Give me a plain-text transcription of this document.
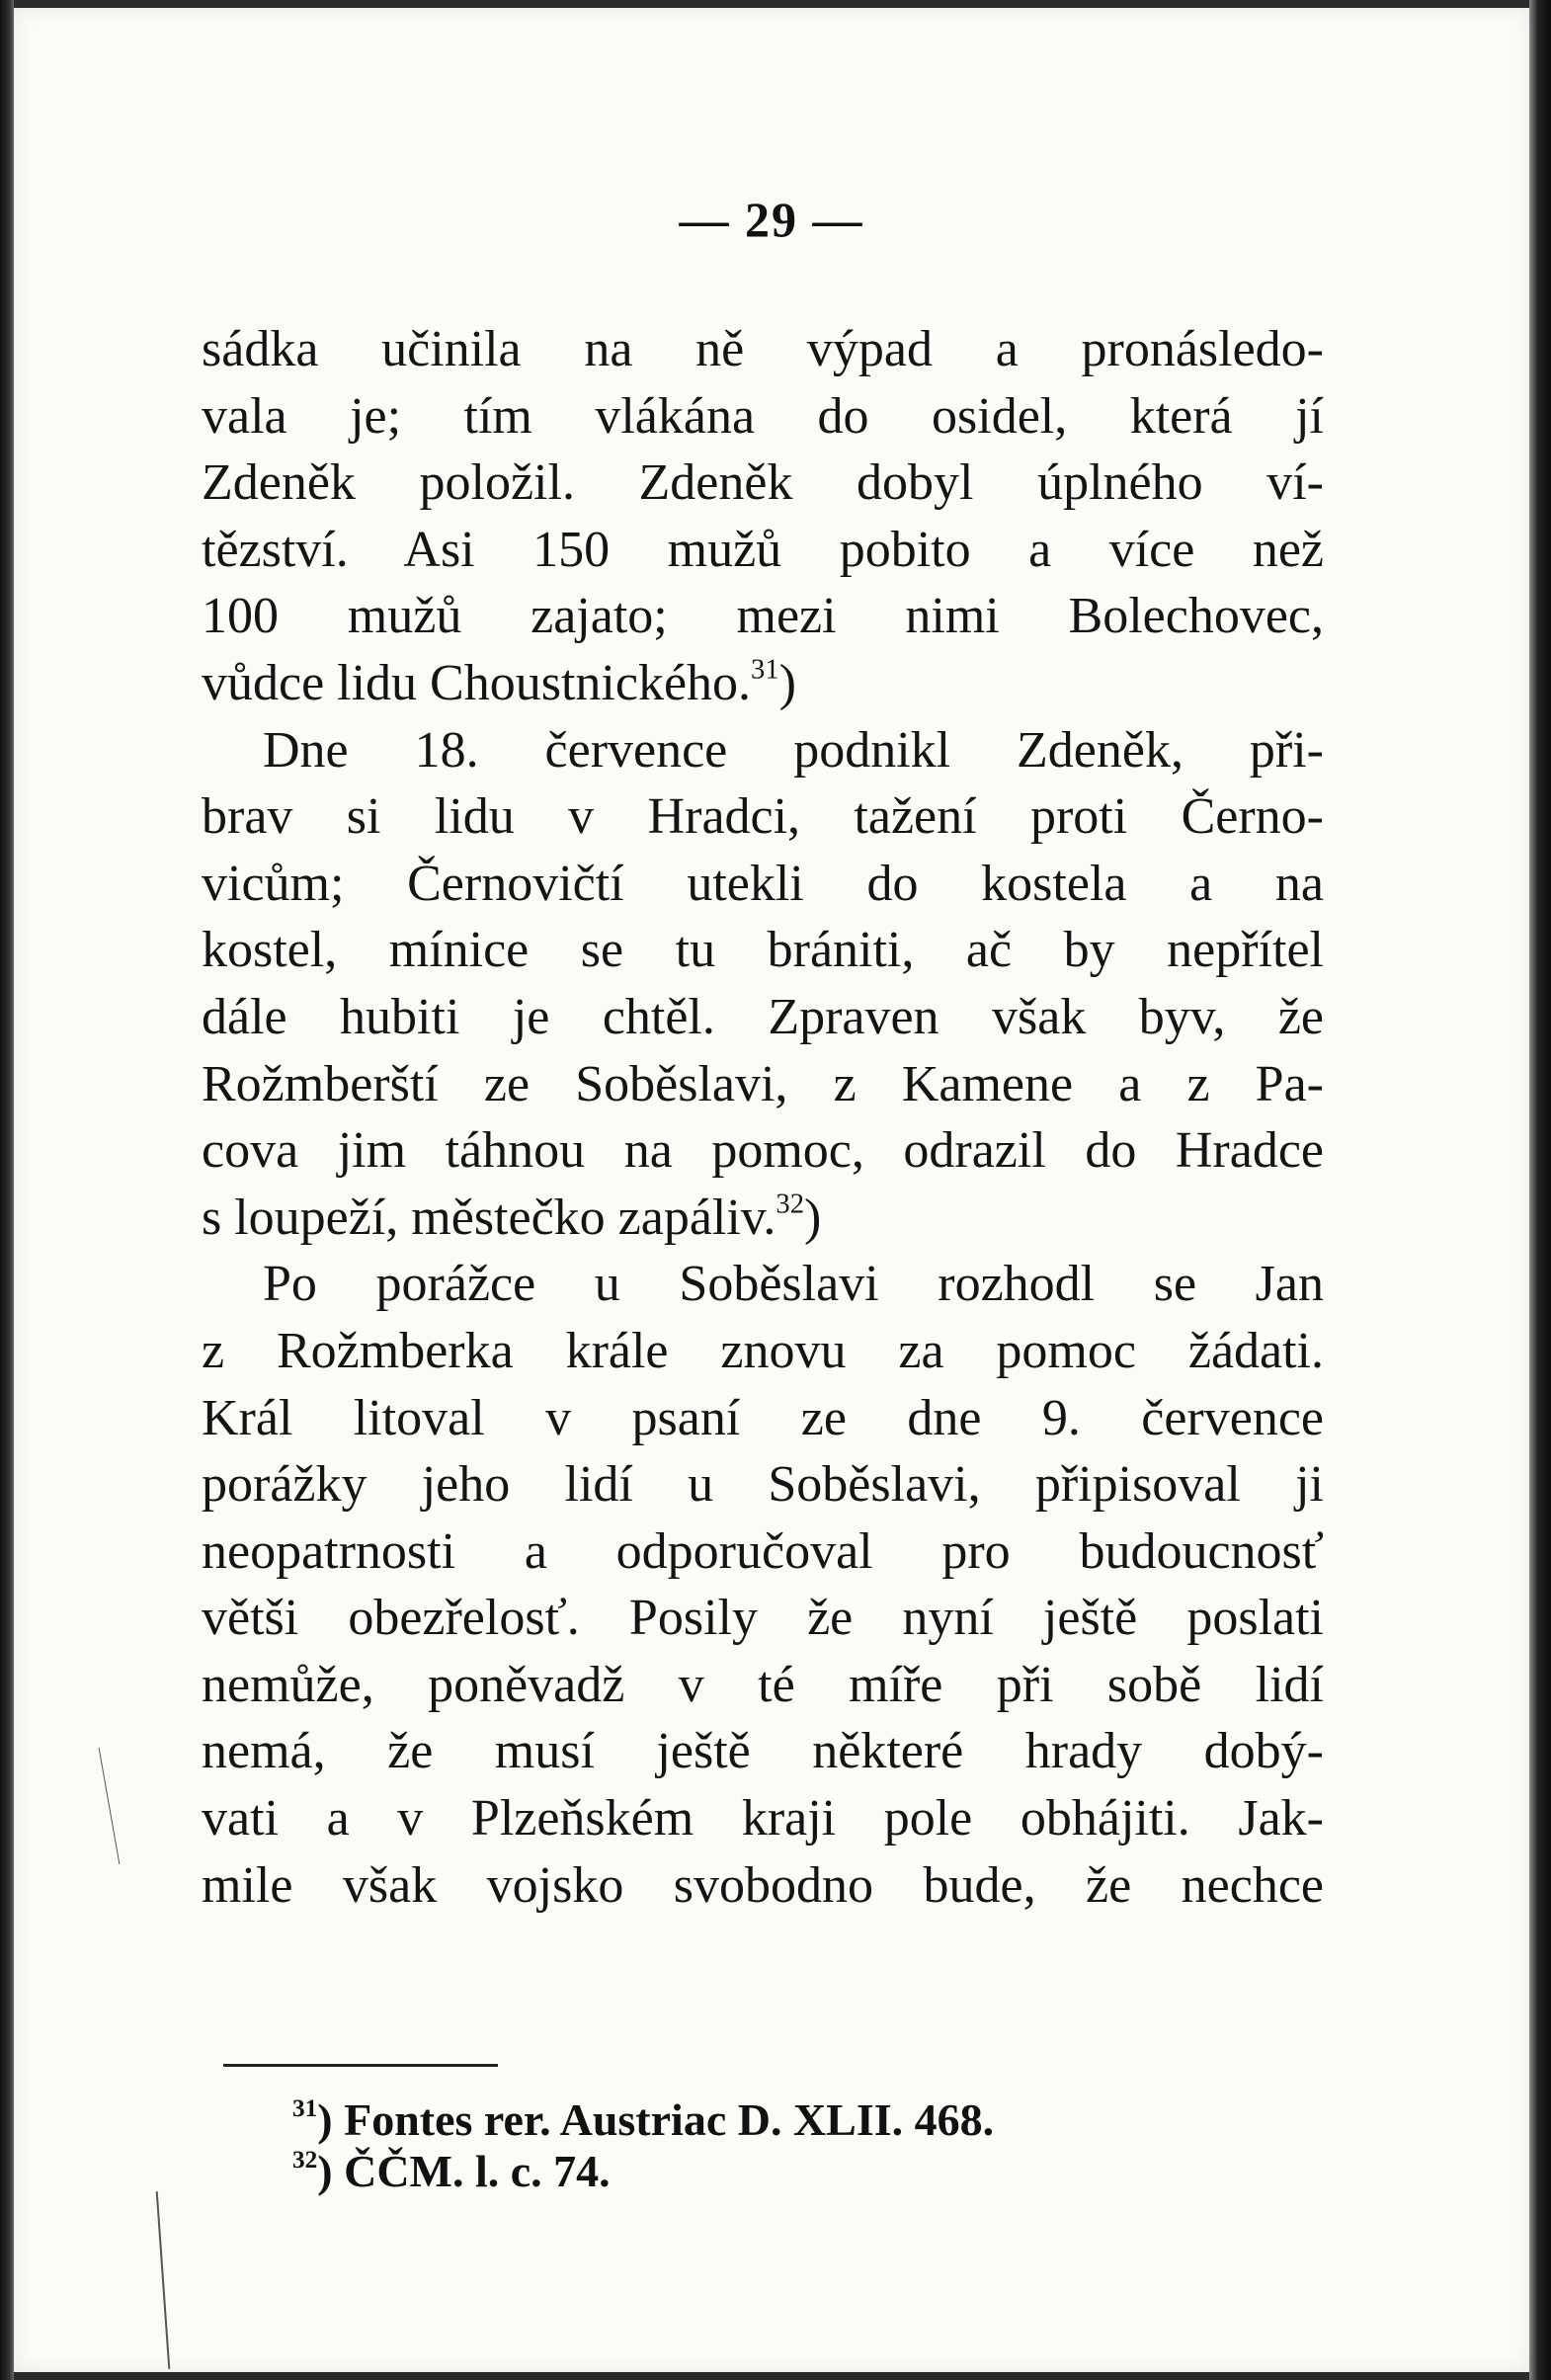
— 29 —
sádka učinila na ně výpad a pronásledo-
vala je; tím vlákána do osidel, která jí
Zdeněk položil. Zdeněk dobyl úplného ví-
tězství. Asi 150 mužů pobito a více než
100 mužů zajato; mezi nimi Bolechovec,
vůdce lidu Choustnického.$^{31}$)
Dne 18. července podnikl Zdeněk, při-
brav si lidu v Hradci, tažení proti Černo-
vicům; Černovičtí utekli do kostela a na
kostel, mínice se tu brániti, ač by nepřítel
dále hubiti je chtěl. Zpraven však byv, že
Rožmberští ze Soběslavi, z Kamene a z Pa-
cova jim táhnou na pomoc, odrazil do Hradce
s loupeží, městečko zapáliv.$^{32}$)
Po porážce u Soběslavi rozhodl se Jan
z Rožmberka krále znovu za pomoc žádati.
Král litoval v psaní ze dne 9. července
porážky jeho lidí u Soběslavi, připisoval ji
neopatrnosti a odporučoval pro budoucnosť
větši obezřelosť. Posily že nyní ještě poslati
nemůže, poněvadž v té míře při sobě lidí
nemá, že musí ještě některé hrady dobý-
vati a v Plzeňském kraji pole obhájiti. Jak-
mile však vojsko svobodno bude, že nechce
$^{31}$) Fontes rer. Austriac D. XLII. 468.
$^{32}$) ČČM. l. c. 74.
